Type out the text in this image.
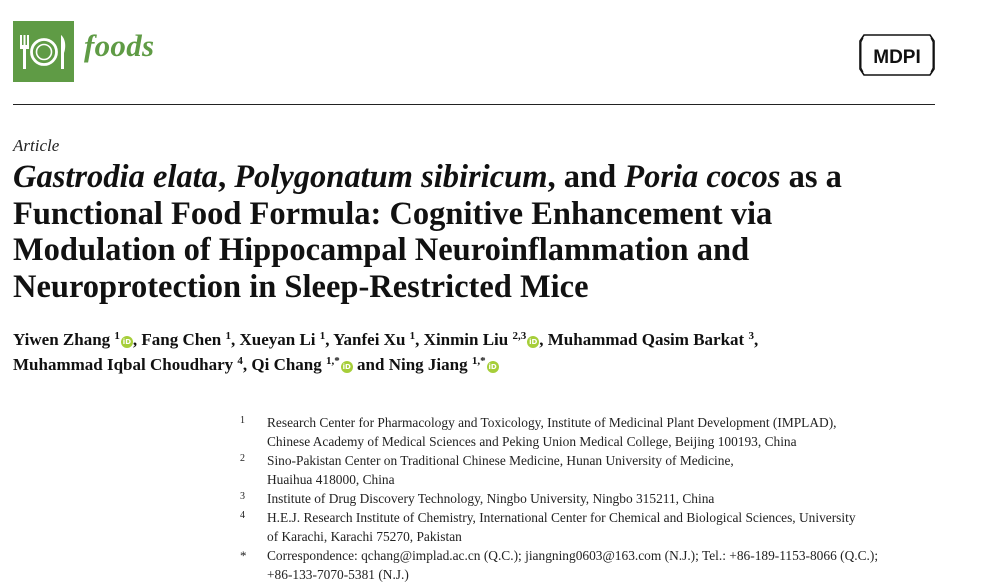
foods	MDPI
Article
Gastrodia elata, Polygonatum sibiricum, and Poria cocos as a
Functional Food Formula: Cognitive Enhancement via
Modulation of Hippocampal Neuroinflammation and
Neuroprotection in Sleep-Restricted Mice
Yiwen Zhang $^1$ iD , Fang Chen $^1$, Xueyan Li $^1$, Yanfei Xu $^1$, Xinmin Liu $^{2,3}$ iD , Muhammad Qasim Barkat $^3$,
Muhammad Iqbal Choudhary $^4$, Qi Chang $^{1,*}$ iD and Ning Jiang $^{1,*}$ iD
1	Research Center for Pharmacology and Toxicology, Institute of Medicinal Plant Development (IMPLAD),
Chinese Academy of Medical Sciences and Peking Union Medical College, Beijing 100193, China
2	Sino-Pakistan Center on Traditional Chinese Medicine, Hunan University of Medicine,
Huaihua 418000, China
3	Institute of Drug Discovery Technology, Ningbo University, Ningbo 315211, China
4	H.E.J. Research Institute of Chemistry, International Center for Chemical and Biological Sciences, University
of Karachi, Karachi 75270, Pakistan
*	Correspondence: qchang@implad.ac.cn (Q.C.); jiangning0603@163.com (N.J.); Tel.: +86-189-1153-8066 (Q.C.);
+86-133-7070-5381 (N.J.)
